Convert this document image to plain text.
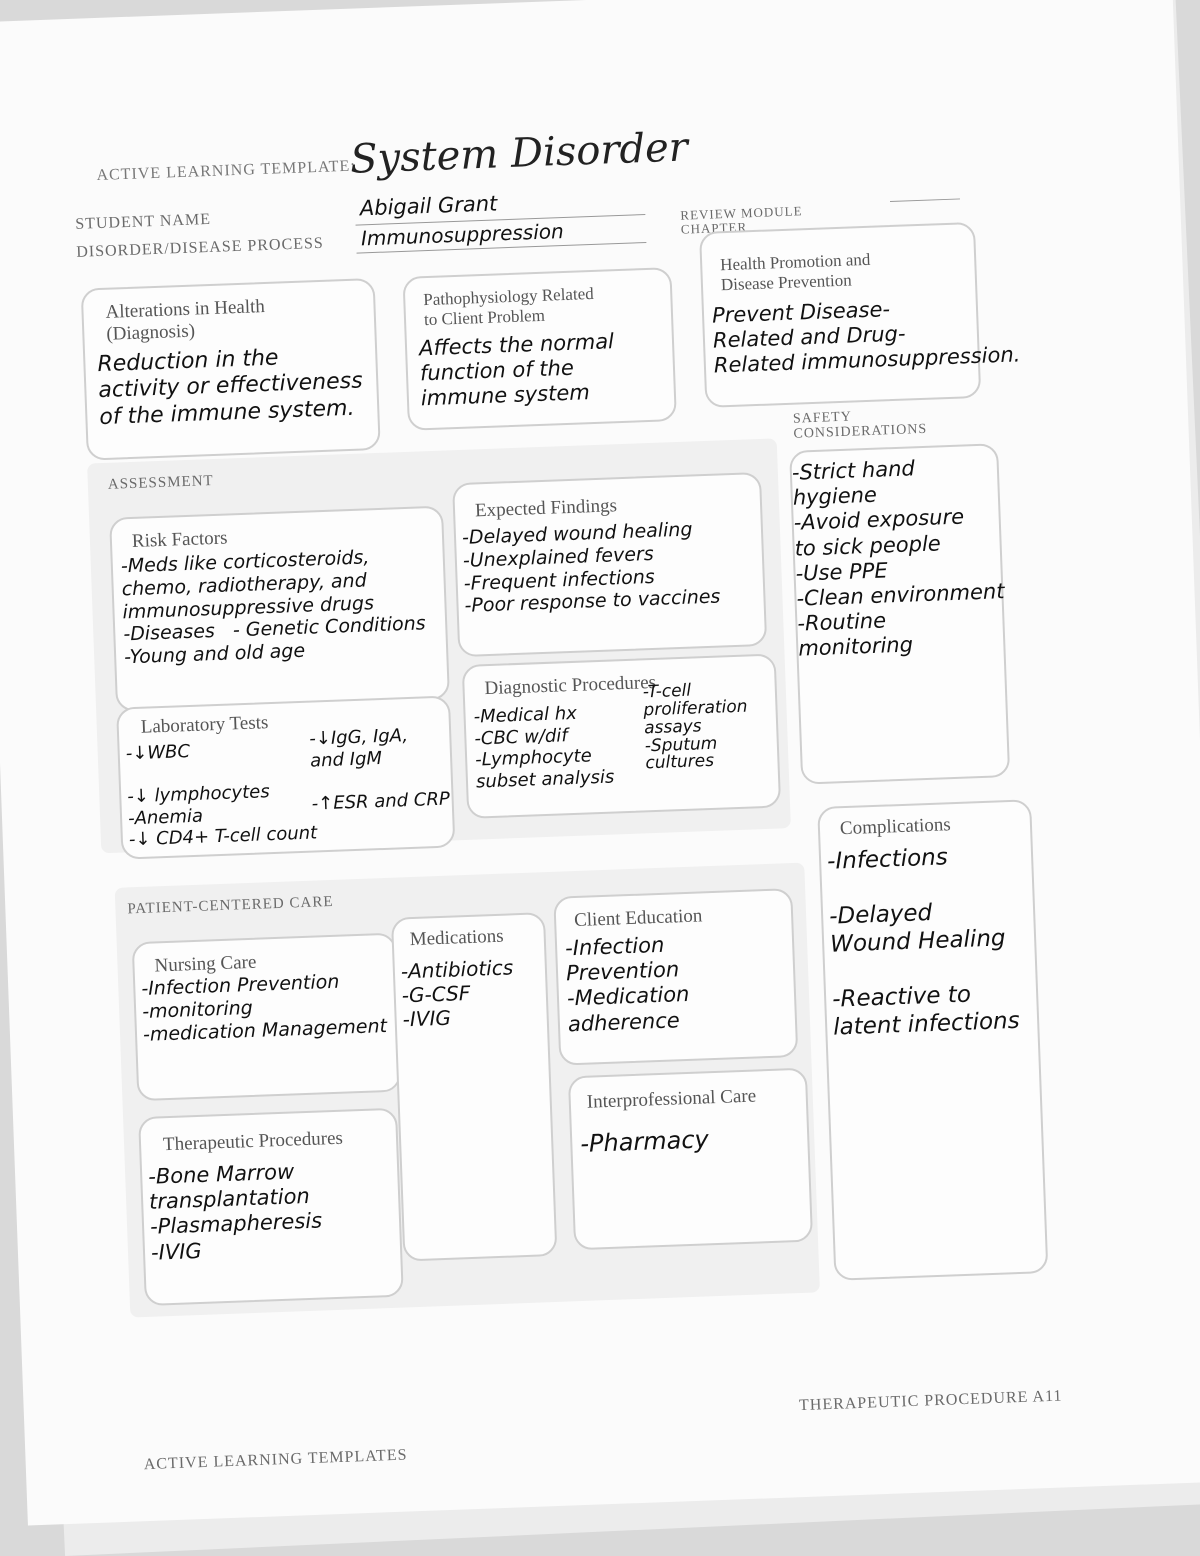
ACTIVE LEARNING TEMPLATE:
System Disorder
STUDENT NAME
Abigail Grant
DISORDER/DISEASE PROCESS Immunosuppression
REVIEW MODULE
CHAPTER
Alterations in Health
(Diagnosis)
Reduction in the
activity or effectiveness
of the immune system.
Pathophysiology Related
to Client Problem
Affects the normal
function of the
immune system
Health Promotion and
Disease Prevention
Prevent Disease-
Related and Drug-
Related immunosuppression.
ASSESSMENT
Risk Factors
-Meds like corticosteroids,
chemo, radiotherapy, and
immunosuppressive drugs
-Diseases   - Genetic Conditions
-Young and old age
Expected Findings
-Delayed wound healing
-Unexplained fevers
-Frequent infections
-Poor response to vaccines
Laboratory Tests
-↓WBC

-↓ lymphocytes
-Anemia
-↓ CD4+ T-cell count
-↓IgG, IgA,
and IgM

-↑ESR and CRP
Diagnostic Procedures
-Medical hx
-CBC w/dif
-Lymphocyte
subset analysis
-T-cell
proliferation
assays
-Sputum
cultures
SAFETY
CONSIDERATIONS
-Strict hand
hygiene
-Avoid exposure
to sick people
-Use PPE
-Clean environment
-Routine
monitoring
Complications
-Infections

-Delayed
Wound Healing

-Reactive to
latent infections
PATIENT-CENTERED CARE
Nursing Care
-Infection Prevention
-monitoring
-medication Management
Medications
-Antibiotics
-G-CSF
-IVIG
Client Education
-Infection
Prevention
-Medication
adherence
Therapeutic Procedures
-Bone Marrow
transplantation
-Plasmapheresis
-IVIG
Interprofessional Care
-Pharmacy
ACTIVE LEARNING TEMPLATES
THERAPEUTIC PROCEDURE A11
